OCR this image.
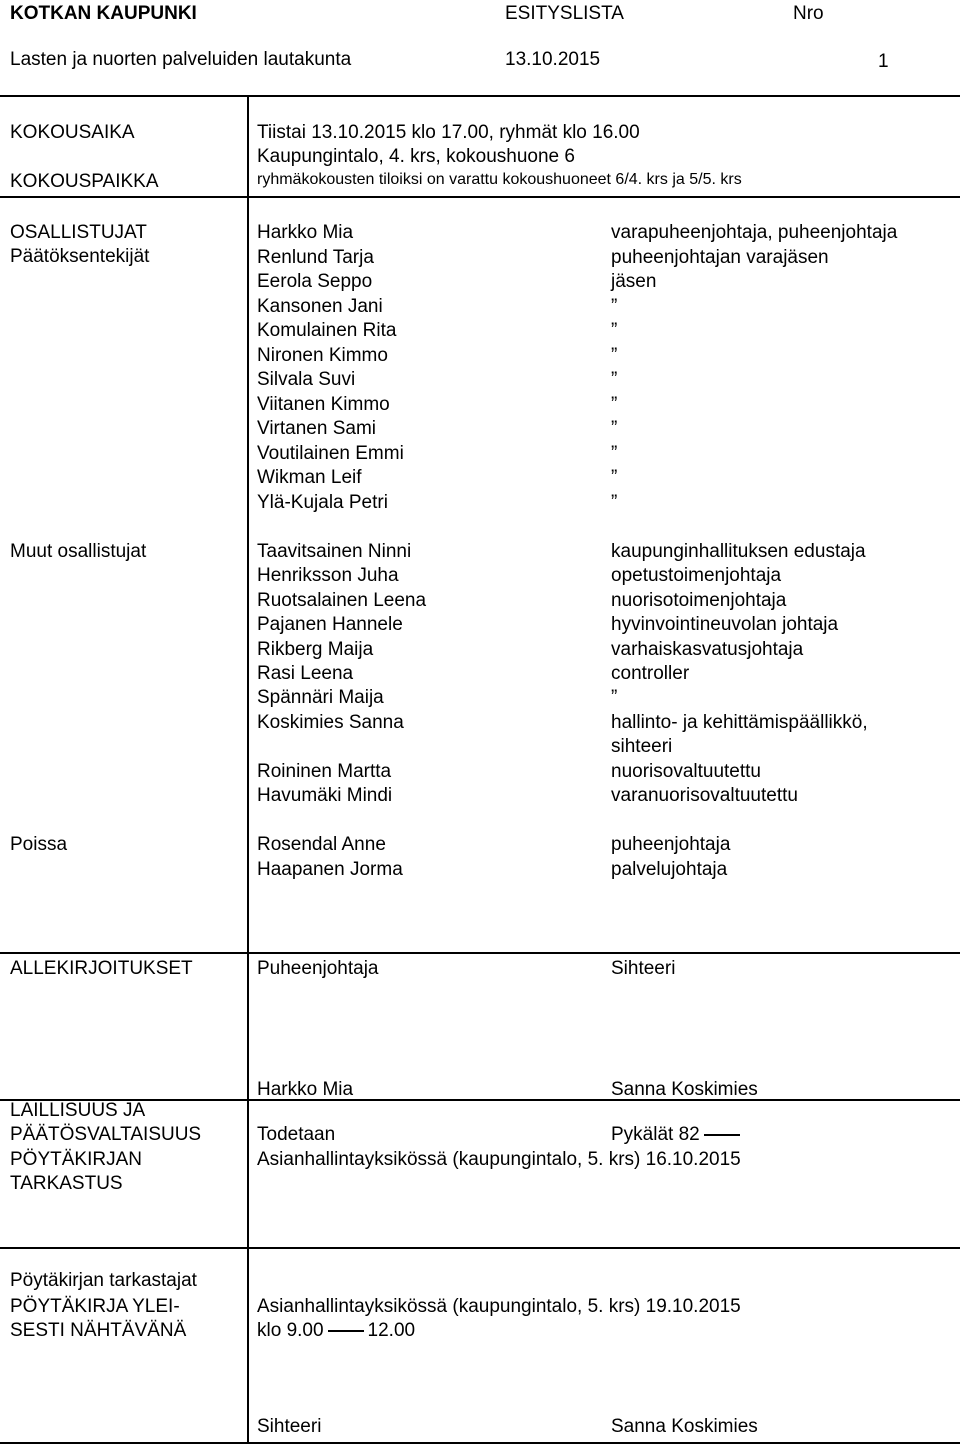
KOTKAN KAUPUNKI	ESITYSLISTA	Nro
Lasten ja nuorten palveluiden lautakunta	13.10.2015	1
KOKOUSAIKA	Tiistai 13.10.2015 klo 17.00, ryhmät klo 16.00
Kaupungintalo, 4. krs, kokoushuone 6
KOKOUSPAIKKA	ryhmäkokousten tiloiksi on varattu kokoushuoneet 6/4. krs ja 5/5. krs
OSALLISTUJAT
Päätöksentekijät
Harkko Mia	varapuheenjohtaja, puheenjohtaja
Renlund Tarja	puheenjohtajan varajäsen
Eerola Seppo	jäsen
Kansonen Jani	”
Komulainen Rita	”
Nironen Kimmo	”
Silvala Suvi	”
Viitanen Kimmo	”
Virtanen Sami	”
Voutilainen Emmi	”
Wikman Leif	”
Ylä-Kujala Petri	”
Muut osallistujat	Taavitsainen Ninni	kaupunginhallituksen edustaja
Henriksson Juha	opetustoimenjohtaja
Ruotsalainen Leena	nuorisotoimenjohtaja
Pajanen Hannele	hyvinvointineuvolan johtaja
Rikberg Maija	varhaiskasvatusjohtaja
Rasi Leena	controller
Spännäri Maija	”
Koskimies Sanna	hallinto- ja kehittämispäällikkö,
sihteeri
Roininen Martta	nuorisovaltuutettu
Havumäki Mindi	varanuorisovaltuutettu
Poissa	Rosendal Anne	puheenjohtaja
Haapanen Jorma	palvelujohtaja
ALLEKIRJOITUKSET	Puheenjohtaja	Sihteeri
Harkko Mia	Sanna Koskimies
LAILLISUUS JA
PÄÄTÖSVALTAISUUS	Todetaan	Pykälät 82
PÖYTÄKIRJAN
TARKASTUS
Asianhallintayksikössä (kaupungintalo, 5. krs) 16.10.2015
Pöytäkirjan tarkastajat
PÖYTÄKIRJA YLEI-
SESTI NÄHTÄVÄNÄ
Asianhallintayksikössä (kaupungintalo, 5. krs) 19.10.2015
klo 9.00 12.00
Sihteeri	Sanna Koskimies
